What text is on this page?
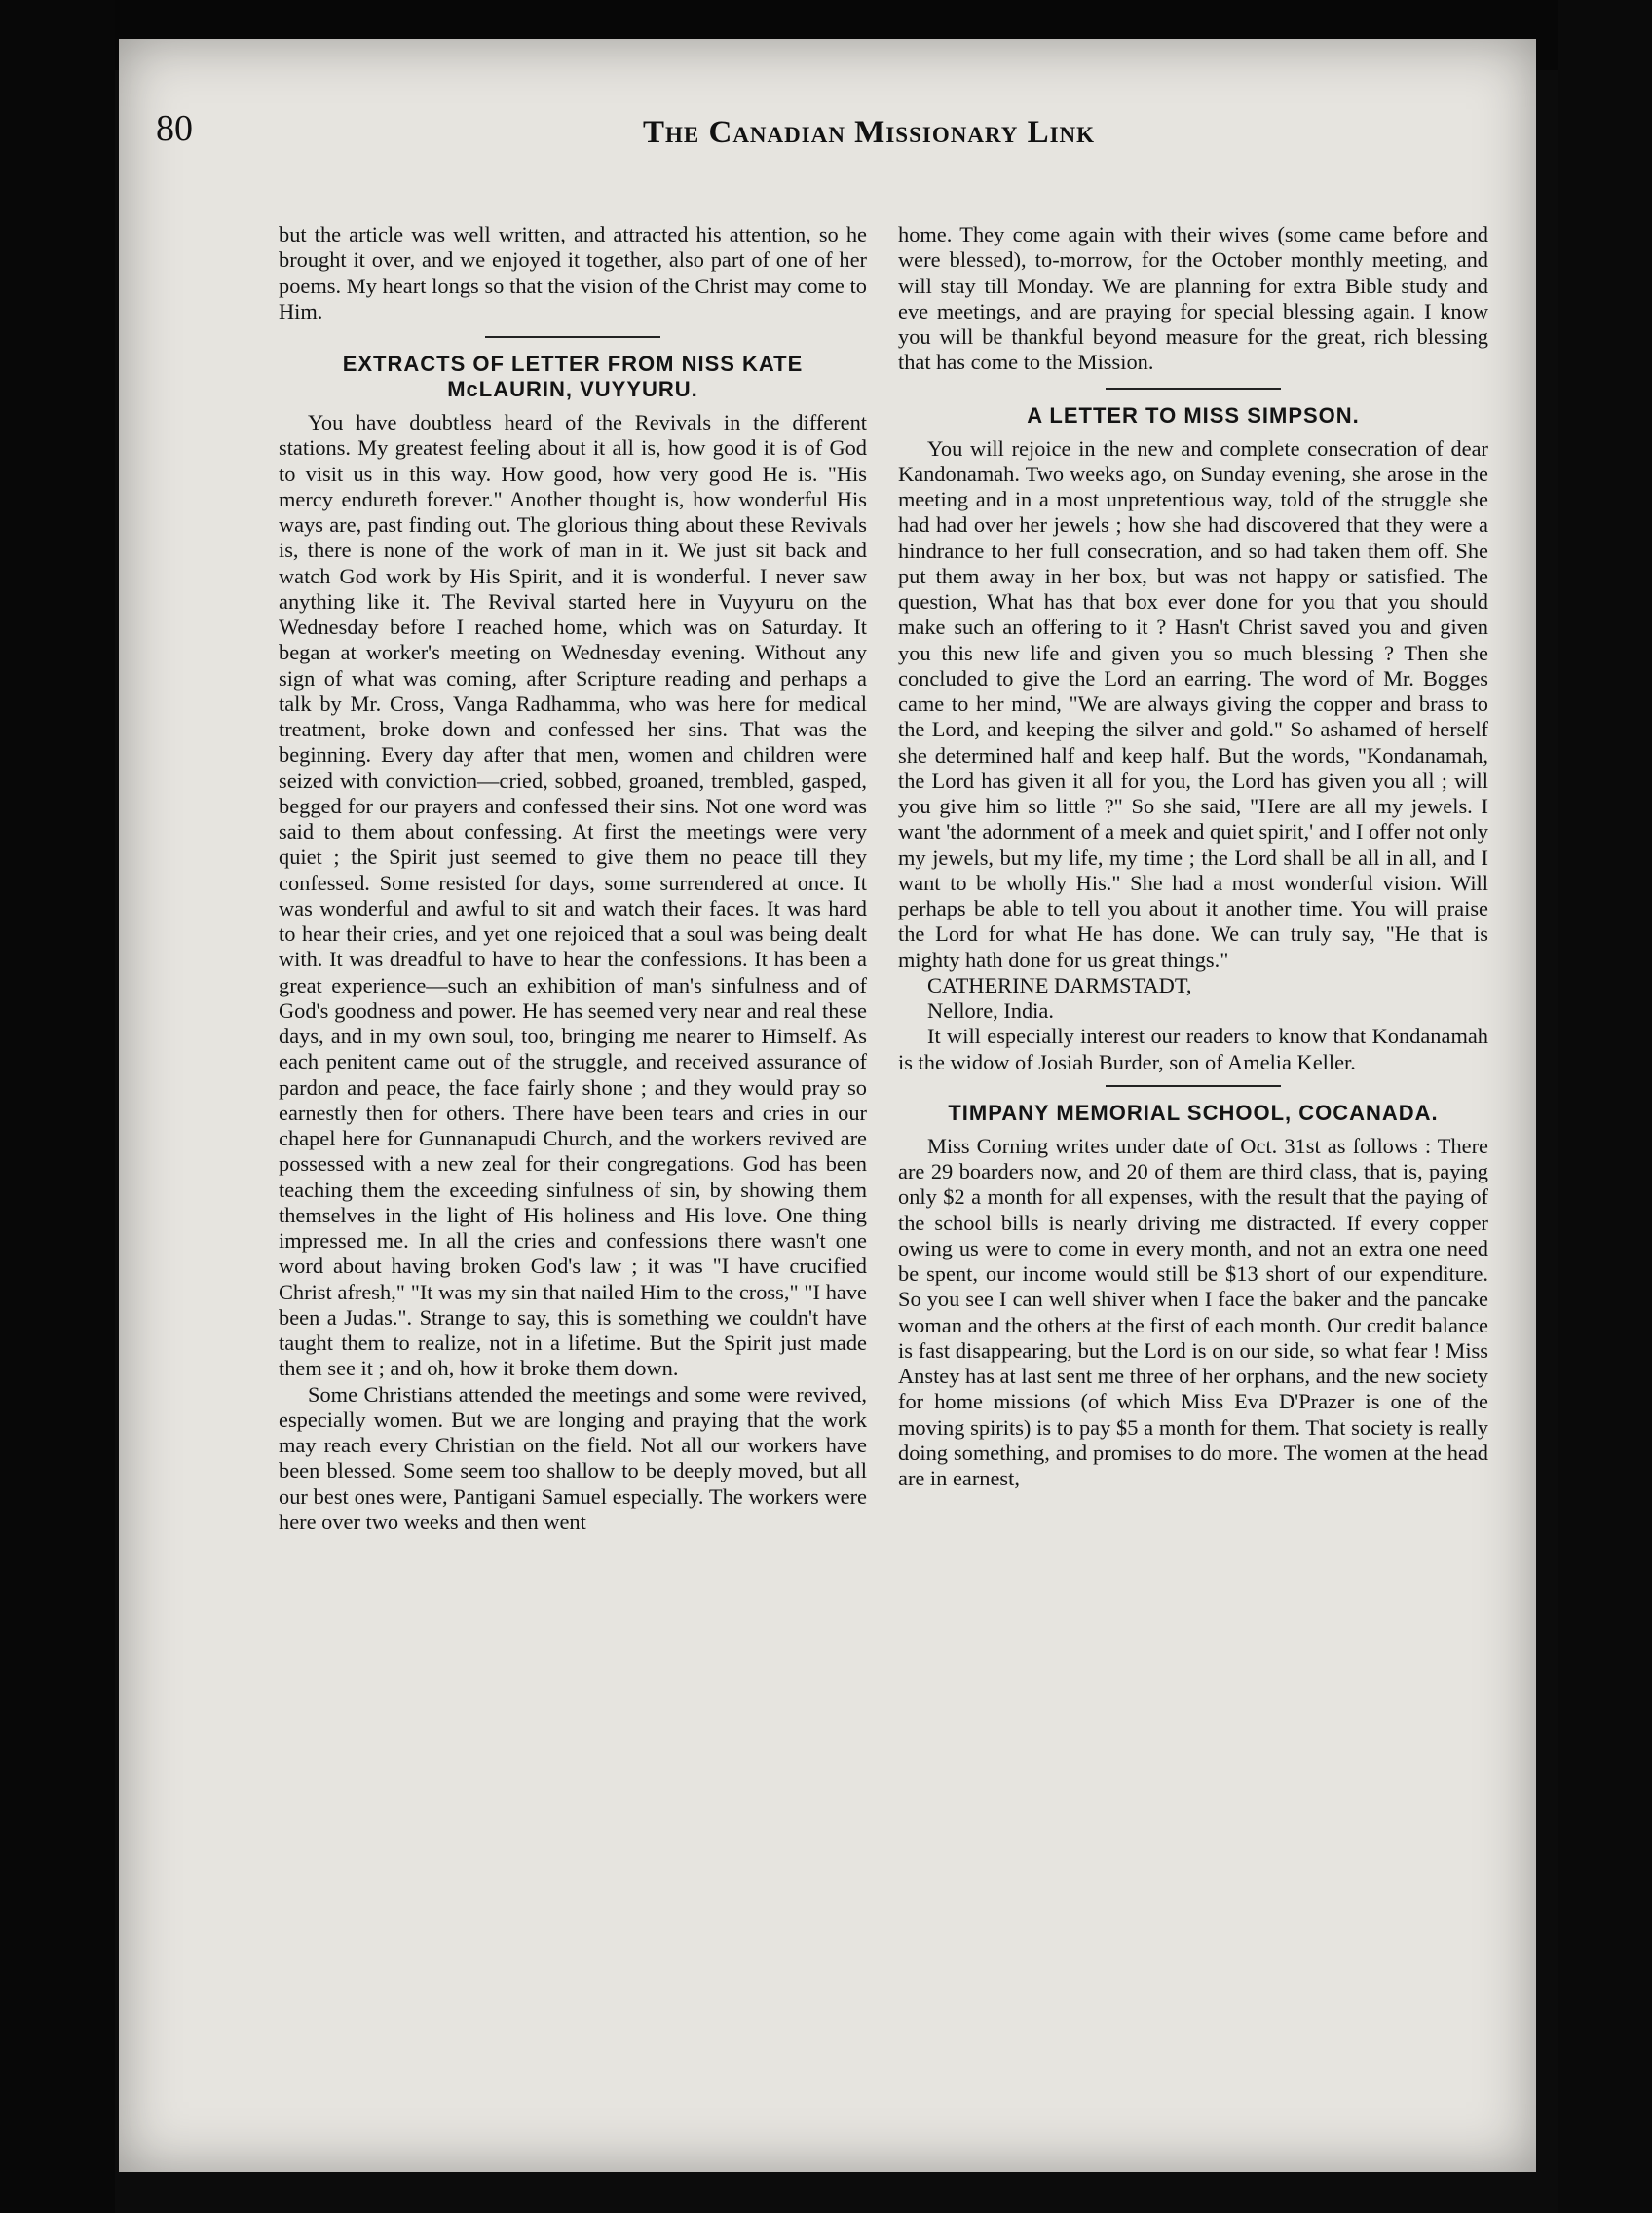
80	The Canadian Missionary Link

but the article was well written, and attracted his attention, so he brought it over, and we enjoyed it together, also part of one of her poems. My heart longs so that the vision of the Christ may come to Him.

EXTRACTS OF LETTER FROM NISS KATE
McLAURIN, VUYYURU.

You have doubtless heard of the Revivals in the different stations. My greatest feeling about it all is, how good it is of God to visit us in this way. How good, how very good He is. "His mercy endureth forever." Another thought is, how wonderful His ways are, past finding out. The glorious thing about these Revivals is, there is none of the work of man in it. We just sit back and watch God work by His Spirit, and it is wonderful. I never saw anything like it. The Revival started here in Vuyyuru on the Wednesday before I reached home, which was on Saturday. It began at worker's meeting on Wednesday evening. Without any sign of what was coming, after Scripture reading and perhaps a talk by Mr. Cross, Vanga Radhamma, who was here for medical treatment, broke down and confessed her sins. That was the beginning. Every day after that men, women and children were seized with conviction—cried, sobbed, groaned, trembled, gasped, begged for our prayers and confessed their sins. Not one word was said to them about confessing. At first the meetings were very quiet ; the Spirit just seemed to give them no peace till they confessed. Some resisted for days, some surrendered at once. It was wonderful and awful to sit and watch their faces. It was hard to hear their cries, and yet one rejoiced that a soul was being dealt with. It was dreadful to have to hear the confessions. It has been a great experience—such an exhibition of man's sinfulness and of God's goodness and power. He has seemed very near and real these days, and in my own soul, too, bringing me nearer to Himself. As each penitent came out of the struggle, and received assurance of pardon and peace, the face fairly shone ; and they would pray so earnestly then for others. There have been tears and cries in our chapel here for Gunnanapudi Church, and the workers revived are possessed with a new zeal for their congregations. God has been teaching them the exceeding sinfulness of sin, by showing them themselves in the light of His holiness and His love. One thing impressed me. In all the cries and confessions there wasn't one word about having broken God's law ; it was "I have crucified Christ afresh," "It was my sin that nailed Him to the cross," "I have been a Judas.". Strange to say, this is something we couldn't have taught them to realize, not in a lifetime. But the Spirit just made them see it ; and oh, how it broke them down.

Some Christians attended the meetings and some were revived, especially women. But we are longing and praying that the work may reach every Christian on the field. Not all our workers have been blessed. Some seem too shallow to be deeply moved, but all our best ones were, Pantigani Samuel especially. The workers were here over two weeks and then went

home. They come again with their wives (some came before and were blessed), to-morrow, for the October monthly meeting, and will stay till Monday. We are planning for extra Bible study and eve meetings, and are praying for special blessing again. I know you will be thankful beyond measure for the great, rich blessing that has come to the Mission.

A LETTER TO MISS SIMPSON.

You will rejoice in the new and complete consecration of dear Kandonamah. Two weeks ago, on Sunday evening, she arose in the meeting and in a most unpretentious way, told of the struggle she had had over her jewels ; how she had discovered that they were a hindrance to her full consecration, and so had taken them off. She put them away in her box, but was not happy or satisfied. The question, What has that box ever done for you that you should make such an offering to it ? Hasn't Christ saved you and given you this new life and given you so much blessing ? Then she concluded to give the Lord an earring. The word of Mr. Bogges came to her mind, "We are always giving the copper and brass to the Lord, and keeping the silver and gold." So ashamed of herself she determined half and keep half. But the words, "Kondanamah, the Lord has given it all for you, the Lord has given you all ; will you give him so little ?" So she said, "Here are all my jewels. I want 'the adornment of a meek and quiet spirit,' and I offer not only my jewels, but my life, my time ; the Lord shall be all in all, and I want to be wholly His." She had a most wonderful vision. Will perhaps be able to tell you about it another time. You will praise the Lord for what He has done. We can truly say, "He that is mighty hath done for us great things."

CATHERINE DARMSTADT,

Nellore, India.

It will especially interest our readers to know that Kondanamah is the widow of Josiah Burder, son of Amelia Keller.

TIMPANY MEMORIAL SCHOOL, COCANADA.

Miss Corning writes under date of Oct. 31st as follows : There are 29 boarders now, and 20 of them are third class, that is, paying only $2 a month for all expenses, with the result that the paying of the school bills is nearly driving me distracted. If every copper owing us were to come in every month, and not an extra one need be spent, our income would still be $13 short of our expenditure. So you see I can well shiver when I face the baker and the pancake woman and the others at the first of each month. Our credit balance is fast disappearing, but the Lord is on our side, so what fear ! Miss Anstey has at last sent me three of her orphans, and the new society for home missions (of which Miss Eva D'Prazer is one of the moving spirits) is to pay $5 a month for them. That society is really doing something, and promises to do more. The women at the head are in earnest,
